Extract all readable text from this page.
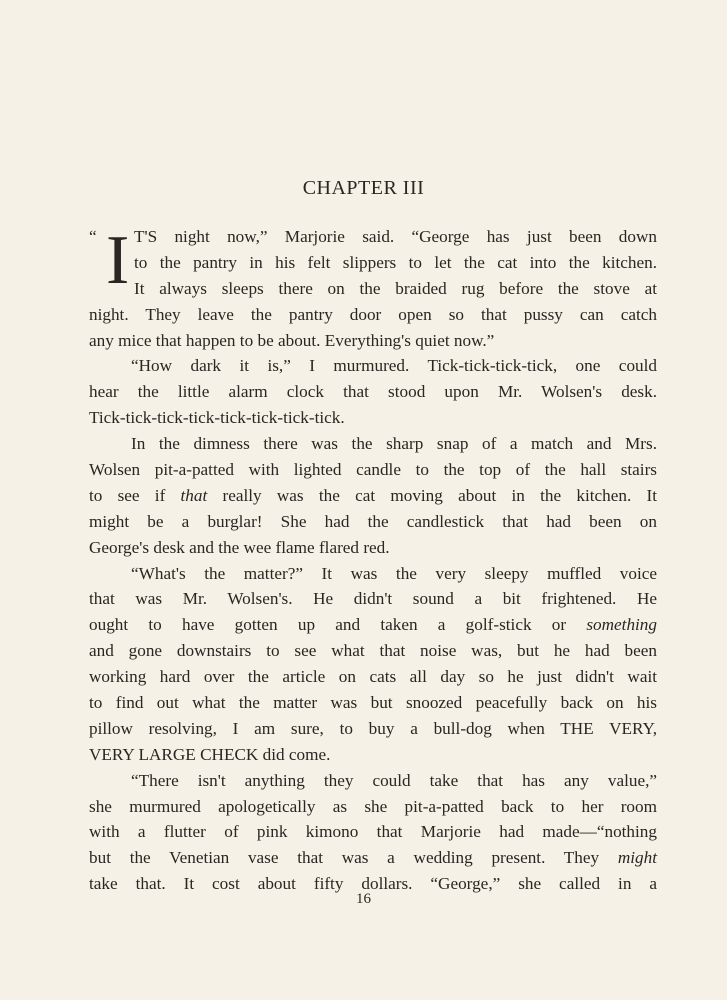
CHAPTER III
“ I T'S night now,” Marjorie said. “George has just been down
to the pantry in his felt slippers to let the cat into the kitchen.
It always sleeps there on the braided rug before the stove at
night. They leave the pantry door open so that pussy can catch
any mice that happen to be about. Everything's quiet now.”
“How dark it is,” I murmured. Tick-tick-tick-tick, one could
hear the little alarm clock that stood upon Mr. Wolsen's desk.
Tick-tick-tick-tick-tick-tick-tick-tick.
In the dimness there was the sharp snap of a match and Mrs.
Wolsen pit-a-patted with lighted candle to the top of the hall stairs
to see if that really was the cat moving about in the kitchen. It
might be a burglar! She had the candlestick that had been on
George's desk and the wee flame flared red.
“What's the matter?” It was the very sleepy muffled voice
that was Mr. Wolsen's. He didn't sound a bit frightened. He
ought to have gotten up and taken a golf-stick or something
and gone downstairs to see what that noise was, but he had been
working hard over the article on cats all day so he just didn't wait
to find out what the matter was but snoozed peacefully back on his
pillow resolving, I am sure, to buy a bull-dog when THE VERY,
VERY LARGE CHECK did come.
“There isn't anything they could take that has any value,”
she murmured apologetically as she pit-a-patted back to her room
with a flutter of pink kimono that Marjorie had made—“nothing
but the Venetian vase that was a wedding present. They might
take that. It cost about fifty dollars. “George,” she called in a
16
